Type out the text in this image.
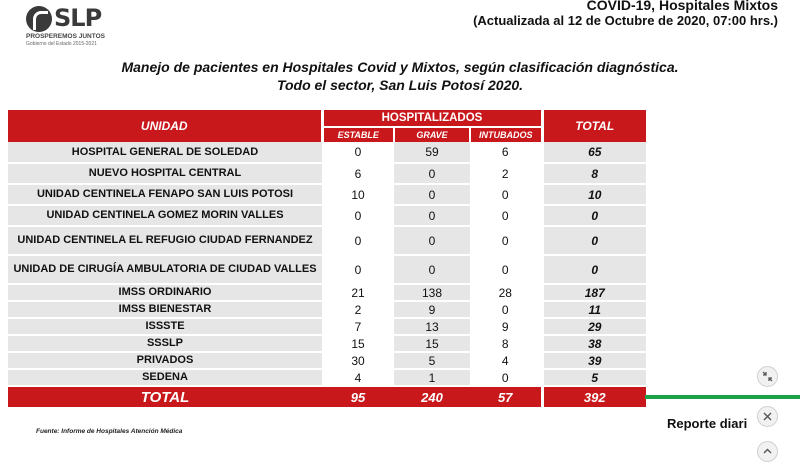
SLP
PROSPEREMOS JUNTOS
Gobierno del Estado 2015-2021
COVID-19, Hospitales Mixtos
(Actualizada al 12 de Octubre de 2020, 07:00 hrs.)
Manejo de pacientes en Hospitales Covid y Mixtos, según clasificación diagnóstica.
Todo el sector, San Luis Potosí 2020.
UNIDAD	HOSPITALIZADOS			TOTAL
	ESTABLE	GRAVE	INTUBADOS	
HOSPITAL GENERAL DE SOLEDAD	0	59	6	65
NUEVO HOSPITAL CENTRAL	6	0	2	8
UNIDAD CENTINELA FENAPO SAN LUIS POTOSI	10	0	0	10
UNIDAD CENTINELA GOMEZ MORIN VALLES	0	0	0	0
UNIDAD CENTINELA EL REFUGIO CIUDAD FERNANDEZ	0	0	0	0
UNIDAD DE CIRUGÍA AMBULATORIA DE CIUDAD VALLES	0	0	0	0
IMSS ORDINARIO	21	138	28	187
IMSS BIENESTAR	2	9	0	11
ISSSTE	7	13	9	29
SSSLP	15	15	8	38
PRIVADOS	30	5	4	39
SEDENA	4	1	0	5
TOTAL	95	240	57	392
Fuente: Informe de Hospitales Atención Médica
Reporte diari
